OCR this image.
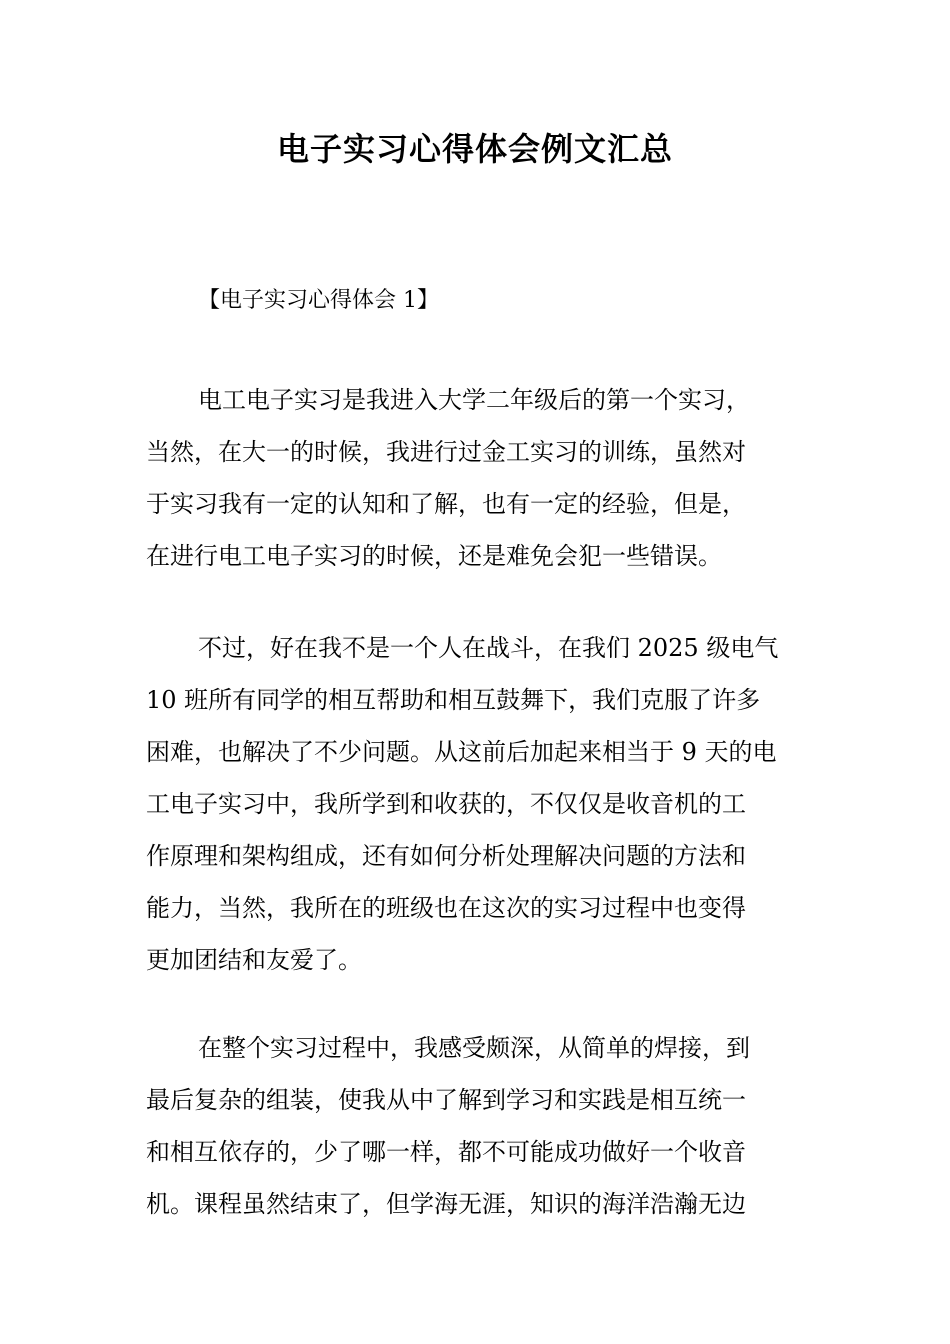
电子实习心得体会例文汇总

【电子实习心得体会 1】

电工电子实习是我进入大学二年级后的第一个实习，
当然，在大一的时候，我进行过金工实习的训练，虽然对
于实习我有一定的认知和了解，也有一定的经验，但是，
在进行电工电子实习的时候，还是难免会犯一些错误。
不过，好在我不是一个人在战斗，在我们 2025 级电气
10 班所有同学的相互帮助和相互鼓舞下，我们克服了许多
困难，也解决了不少问题。从这前后加起来相当于 9 天的电
工电子实习中，我所学到和收获的，不仅仅是收音机的工
作原理和架构组成，还有如何分析处理解决问题的方法和
能力，当然，我所在的班级也在这次的实习过程中也变得
更加团结和友爱了。
在整个实习过程中，我感受颇深，从简单的焊接，到
最后复杂的组装，使我从中了解到学习和实践是相互统一
和相互依存的，少了哪一样，都不可能成功做好一个收音
机。课程虽然结束了，但学海无涯，知识的海洋浩瀚无边
